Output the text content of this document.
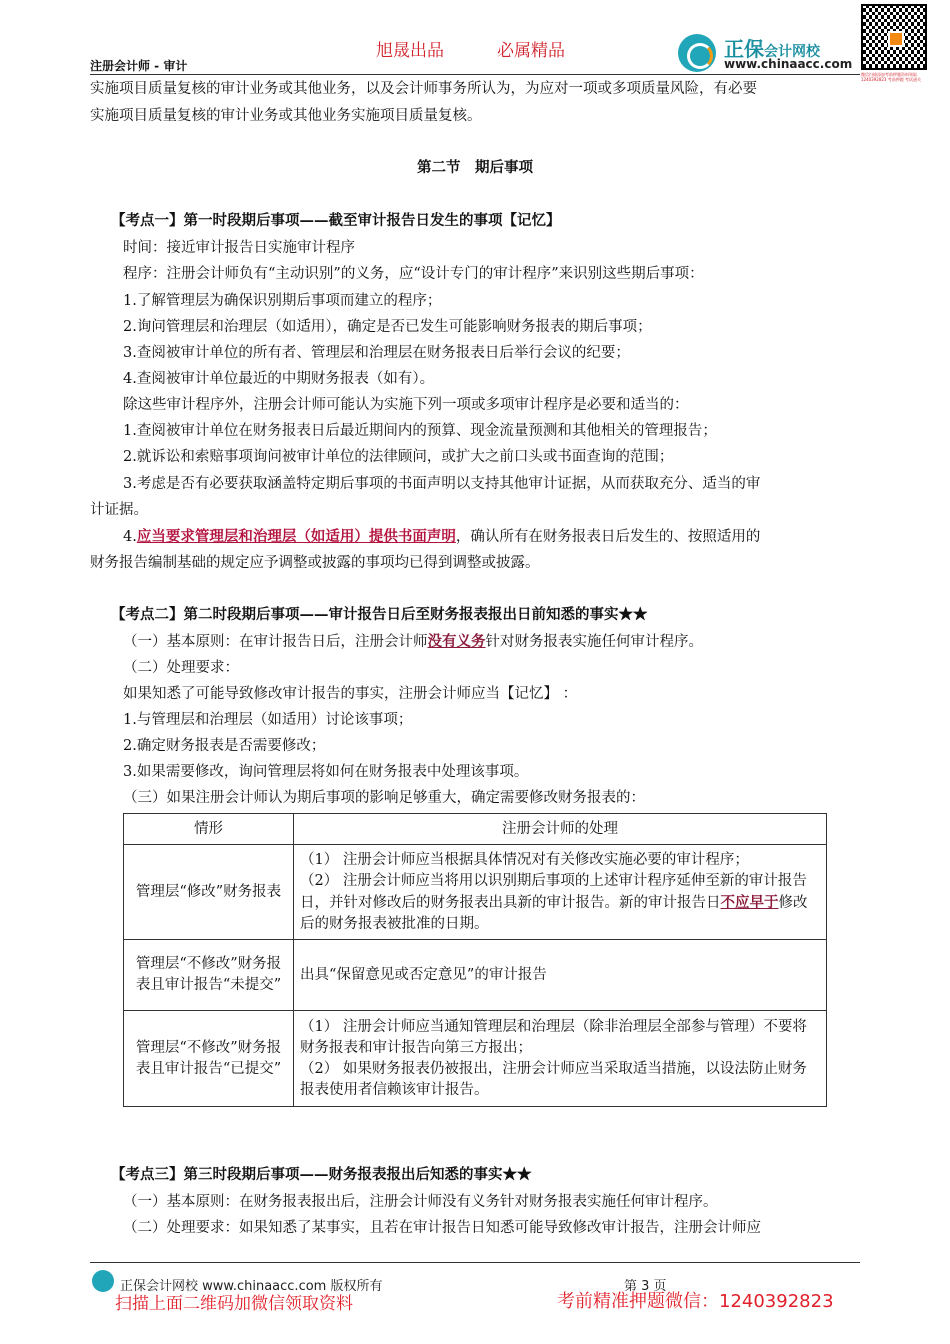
旭晟出品	必属精品
注册会计师 - 审计
正保会计网校
www.chinaacc.com
微信扫描添加考前押题资料领取 1240392823 考前押题 考试通关
实施项目质量复核的审计业务或其他业务，以及会计师事务所认为，为应对一项或多项质量风险，有必要
实施项目质量复核的审计业务或其他业务实施项目质量复核。
第二节　期后事项
【考点一】第一时段期后事项——截至审计报告日发生的事项【记忆】
时间：接近审计报告日实施审计程序
程序：注册会计师负有“主动识别”的义务，应“设计专门的审计程序”来识别这些期后事项：
1.了解管理层为确保识别期后事项而建立的程序；
2.询问管理层和治理层（如适用），确定是否已发生可能影响财务报表的期后事项；
3.查阅被审计单位的所有者、管理层和治理层在财务报表日后举行会议的纪要；
4.查阅被审计单位最近的中期财务报表（如有）。
除这些审计程序外，注册会计师可能认为实施下列一项或多项审计程序是必要和适当的：
1.查阅被审计单位在财务报表日后最近期间内的预算、现金流量预测和其他相关的管理报告；
2.就诉讼和索赔事项询问被审计单位的法律顾问，或扩大之前口头或书面查询的范围；
3.考虑是否有必要获取涵盖特定期后事项的书面声明以支持其他审计证据，从而获取充分、适当的审
计证据。
4.应当要求管理层和治理层（如适用）提供书面声明，确认所有在财务报表日后发生的、按照适用的
财务报告编制基础的规定应予调整或披露的事项均已得到调整或披露。
【考点二】第二时段期后事项——审计报告日后至财务报表报出日前知悉的事实★★
（一）基本原则：在审计报告日后，注册会计师没有义务针对财务报表实施任何审计程序。
（二）处理要求：
如果知悉了可能导致修改审计报告的事实，注册会计师应当【记忆】 ：
1.与管理层和治理层（如适用）讨论该事项；
2.确定财务报表是否需要修改；
3.如果需要修改，询问管理层将如何在财务报表中处理该事项。
（三）如果注册会计师认为期后事项的影响足够重大，确定需要修改财务报表的：
情形	注册会计师的处理
管理层“修改”财务报表	（1） 注册会计师应当根据具体情况对有关修改实施必要的审计程序；
（2） 注册会计师应当将用以识别期后事项的上述审计程序延伸至新的审计报告日，并针对修改后的财务报表出具新的审计报告。新的审计报告日不应早于修改后的财务报表被批准的日期。

管理层“不修改”财务报表且审计报告“未提交”	出具“保留意见或否定意见”的审计报告
管理层“不修改”财务报表且审计报告“已提交”	（1） 注册会计师应当通知管理层和治理层（除非治理层全部参与管理）不要将财务报表和审计报告向第三方报出；
（2） 如果财务报表仍被报出，注册会计师应当采取适当措施，以设法防止财务报表使用者信赖该审计报告。
【考点三】第三时段期后事项——财务报表报出后知悉的事实★★
（一）基本原则：在财务报表报出后，注册会计师没有义务针对财务报表实施任何审计程序。
（二）处理要求：如果知悉了某事实，且若在审计报告日知悉可能导致修改审计报告，注册会计师应
正保会计网校 www.chinaacc.com 版权所有	第 3 页
扫描上面二维码加微信领取资料	考前精准押题微信：1240392823
